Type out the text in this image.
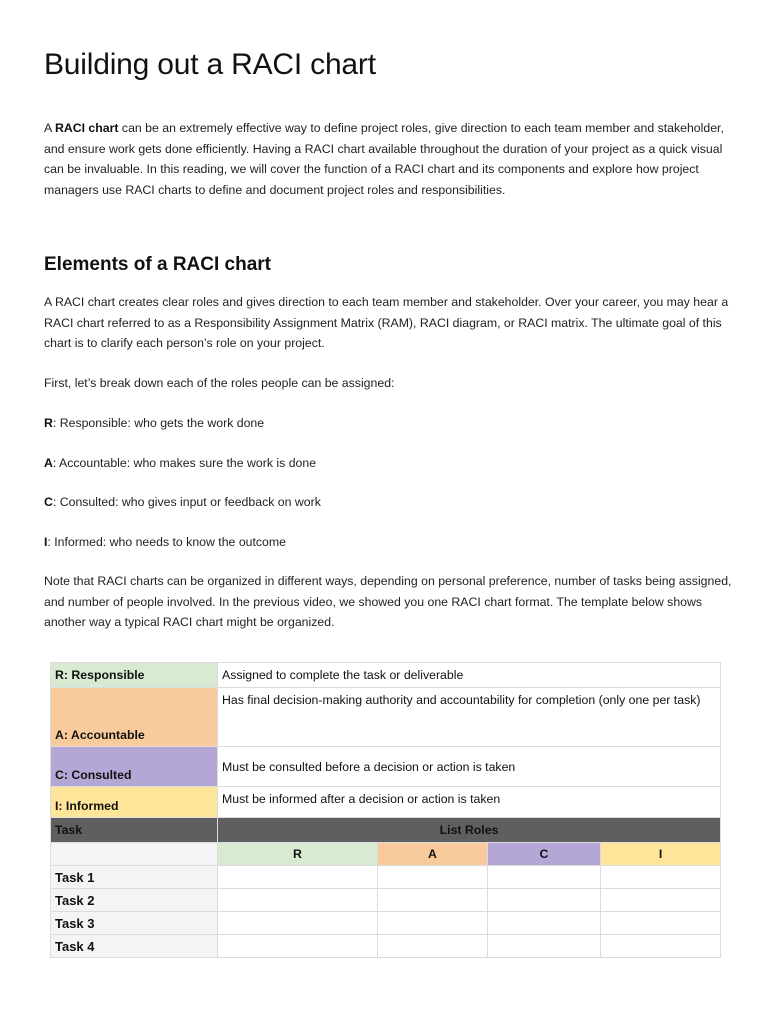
Building out a RACI chart

A RACI chart can be an extremely effective way to define project roles, give direction to each team member and stakeholder, and ensure work gets done efficiently. Having a RACI chart available throughout the duration of your project as a quick visual can be invaluable. In this reading, we will cover the function of a RACI chart and its components and explore how project managers use RACI charts to define and document project roles and responsibilities.

Elements of a RACI chart

A RACI chart creates clear roles and gives direction to each team member and stakeholder. Over your career, you may hear a RACI chart referred to as a Responsibility Assignment Matrix (RAM), RACI diagram, or RACI matrix. The ultimate goal of this chart is to clarify each person’s role on your project.

First, let’s break down each of the roles people can be assigned:

R: Responsible: who gets the work done

A: Accountable: who makes sure the work is done

C: Consulted: who gives input or feedback on work

I: Informed: who needs to know the outcome

Note that RACI charts can be organized in different ways, depending on personal preference, number of tasks being assigned, and number of people involved. In the previous video, we showed you one RACI chart format. The template below shows another way a typical RACI chart might be organized.

R: Responsible	Assigned to complete the task or deliverable			
A: Accountable	Has final decision-making authority and accountability for completion (only one per task)			
C: Consulted	Must be consulted before a decision or action is taken			
I: Informed	Must be informed after a decision or action is taken			
Task	List Roles			
	R	A	C	I
Task 1				
Task 2				
Task 3				
Task 4				
